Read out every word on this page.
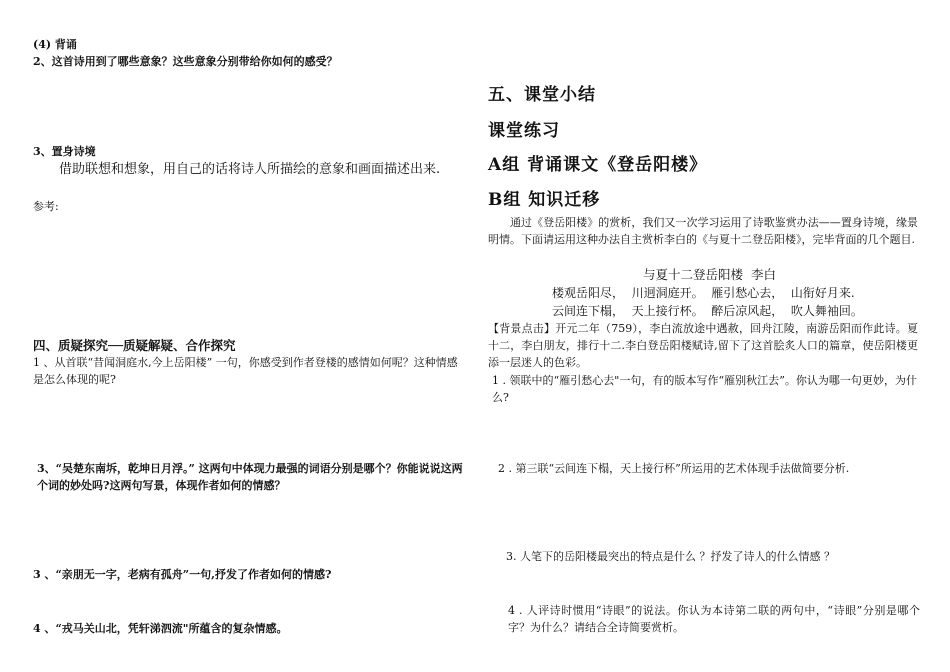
(4) 背诵
2、这首诗用到了哪些意象？这些意象分别带给你如何的感受？
3、置身诗境
借助联想和想象，用自己的话将诗人所描绘的意象和画面描述出来.
参考:
四、质疑探究──质疑解疑、合作探究
1 、从首联“昔闻洞庭水,今上岳阳楼” 一句，你感受到作者登楼的感情如何呢？这种情感是怎么体现的呢?
3、“吴楚东南坼，乾坤日月浮。” 这两句中体现力最强的词语分别是哪个？你能说说这两个词的妙处吗?这两句写景，体现作者如何的情感？
3 、“亲朋无一字，老病有孤舟”一句,抒发了作者如何的情感?
4 、“戎马关山北，凭轩涕泗流"所蕴含的复杂情感。
五、课堂小结
课堂练习
A组 背诵课文《登岳阳楼》
B组 知识迁移
通过《登岳阳楼》的赏析，我们又一次学习运用了诗歌鉴赏办法——置身诗境，缘景明情。下面请运用这种办法自主赏析李白的《与夏十二登岳阳楼》，完毕背面的几个题目.
与夏十二登岳阳楼  李白
楼观岳阳尽，  川迥洞庭开。  雁引愁心去，  山衔好月来.
云间连下榻，  天上接行杯。  醉后凉风起，  吹人舞袖回。
【背景点击】开元二年（759），李白流放途中遇赦，回舟江陵，南游岳阳而作此诗。夏十二，李白朋友，排行十二.李白登岳阳楼赋诗,留下了这首脍炙人口的篇章，使岳阳楼更添一层迷人的色彩。
1 . 领联中的“雁引愁心去"一句，有的版本写作“雁别秋江去”。你认为哪一句更妙，为什么?
2 . 第三联“云间连下榻，天上接行杯”所运用的艺术体现手法做简要分析.
3. 人笔下的岳阳楼最突出的特点是什么 ？抒发了诗人的什么情感 ？
4 . 人评诗时惯用“诗眼”的说法。你认为本诗第二联的两句中，“诗眼”分别是哪个字？为什么？请结合全诗简要赏析。
